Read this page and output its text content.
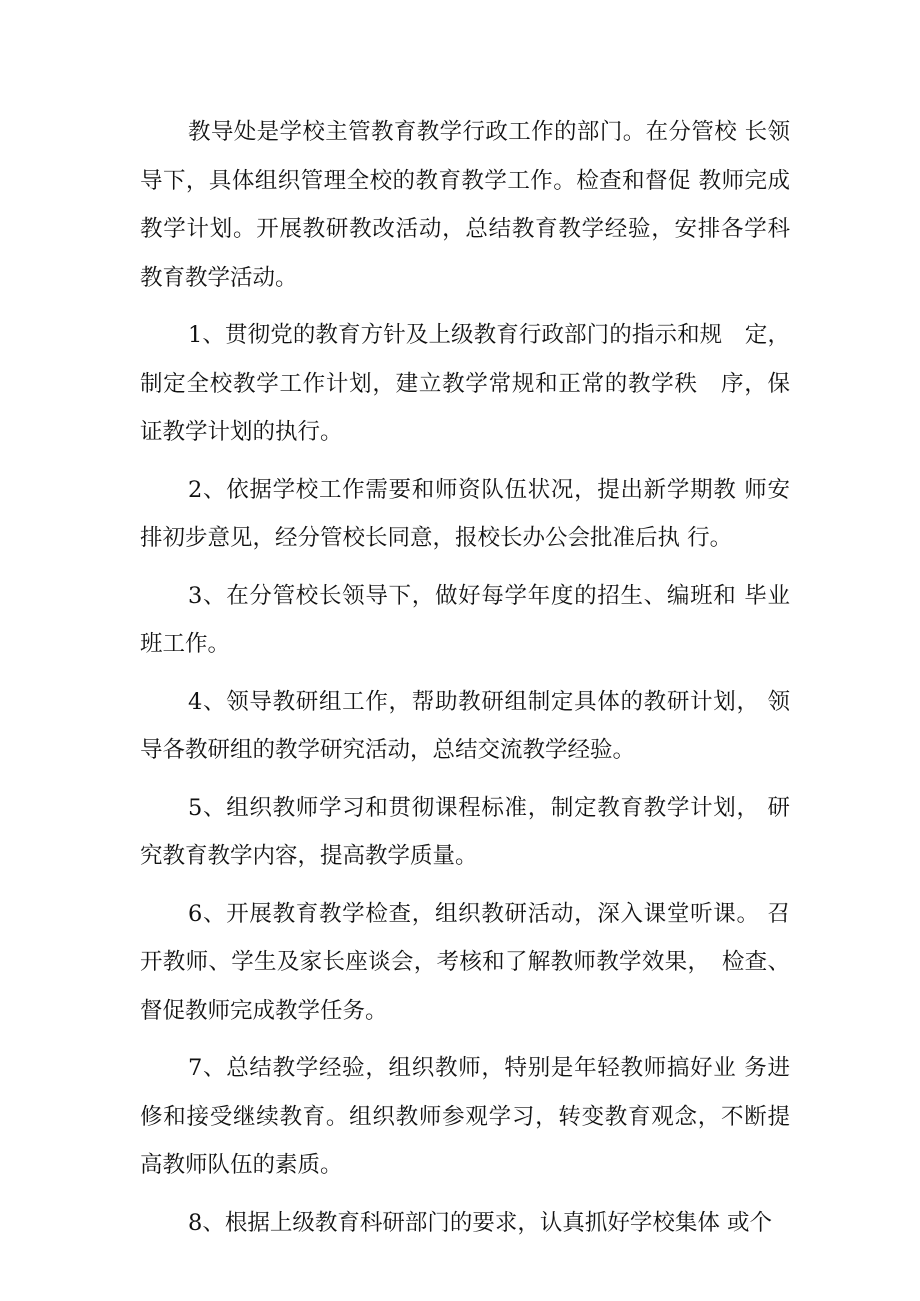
教导处是学校主管教育教学行政工作的部门。在分管校 长领导下，具体组织管理全校的教育教学工作。检查和督促 教师完成教学计划。开展教研教改活动，总结教育教学经验，安排各学科教育教学活动。

1、贯彻党的教育方针及上级教育行政部门的指示和规　定，制定全校教学工作计划，建立教学常规和正常的教学秩　序，保证教学计划的执行。

2、依据学校工作需要和师资队伍状况，提出新学期教 师安排初步意见，经分管校长同意，报校长办公会批准后执 行。

3、在分管校长领导下，做好每学年度的招生、编班和 毕业班工作。

4、领导教研组工作，帮助教研组制定具体的教研计划， 领导各教研组的教学研究活动，总结交流教学经验。

5、组织教师学习和贯彻课程标准，制定教育教学计划， 研究教育教学内容，提高教学质量。

6、开展教育教学检查，组织教研活动，深入课堂听课。 召开教师、学生及家长座谈会，考核和了解教师教学效果，　检查、督促教师完成教学任务。

7、总结教学经验，组织教师，特别是年轻教师搞好业 务进修和接受继续教育。组织教师参观学习，转变教育观念，不断提高教师队伍的素质。

8、根据上级教育科研部门的要求，认真抓好学校集体 或个
